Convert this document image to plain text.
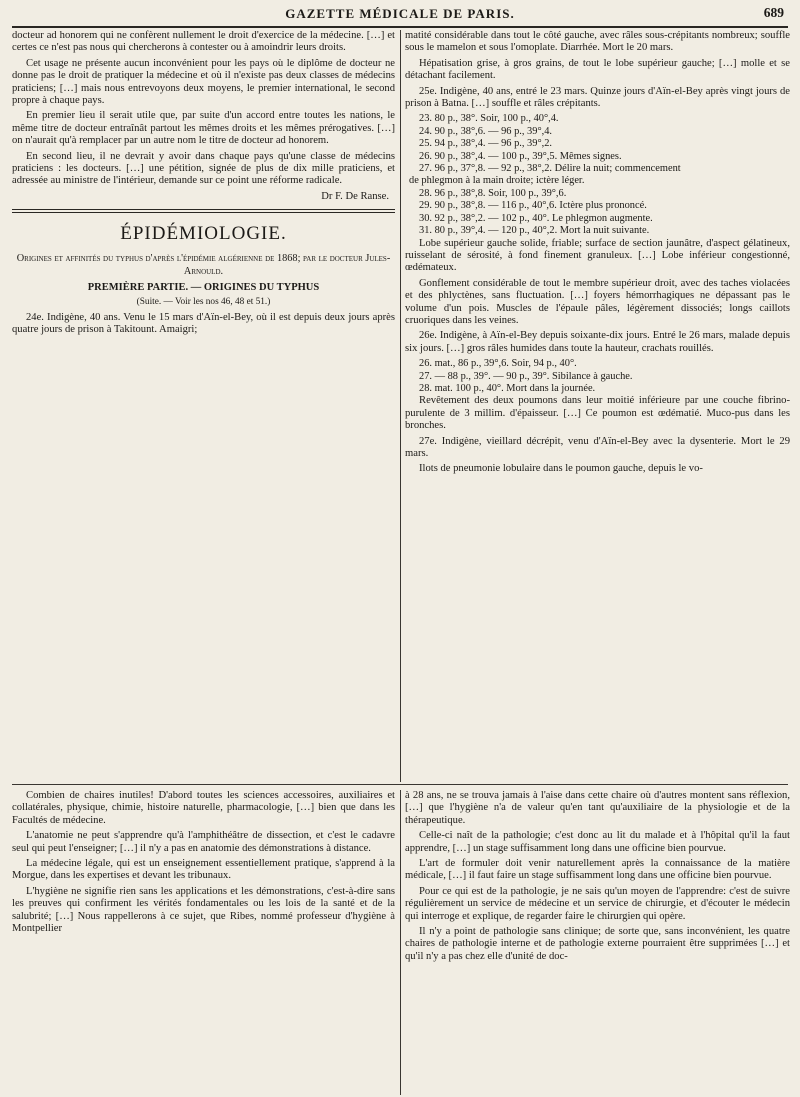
GAZETTE MÉDICALE DE PARIS.	689

docteur ad honorem qui ne confèrent nullement le droit d'exercice de la médecine. […] et certes ce n'est pas nous qui chercherons à contester ou à amoindrir leurs droits.

Cet usage ne présente aucun inconvénient pour les pays où le diplôme de docteur ne donne pas le droit de pratiquer la médecine et où il n'existe pas deux classes de médecins praticiens; […] mais nous entrevoyons deux moyens, le premier international, le second propre à chaque pays.

En premier lieu il serait utile que, par suite d'un accord entre toutes les nations, le même titre de docteur entraînât partout les mêmes droits et les mêmes prérogatives. […] on n'aurait qu'à remplacer par un autre nom le titre de docteur ad honorem.

En second lieu, il ne devrait y avoir dans chaque pays qu'une classe de médecins praticiens : les docteurs. […] une pétition, signée de plus de dix mille praticiens, et adressée au ministre de l'intérieur, demande sur ce point une réforme radicale.

Dr F. De Ranse.
ÉPIDÉMIOLOGIE.
Origines et affinités du typhus d'après l'épidémie algérienne de 1868; par le docteur Jules-Arnould.
PREMIÈRE PARTIE. — ORIGINES DU TYPHUS
(Suite. — Voir les nos 46, 48 et 51.)

24e. Indigène, 40 ans. Venu le 15 mars d'Aïn-el-Bey, où il est depuis deux jours après quatre jours de prison à Takitount. Amaigri;

matité considérable dans tout le côté gauche, avec râles sous-crépitants nombreux; souffle sous le mamelon et sous l'omoplate. Diarrhée. Mort le 20 mars.

Hépatisation grise, à gros grains, de tout le lobe supérieur gauche; […] molle et se détachant facilement.

25e. Indigène, 40 ans, entré le 23 mars. Quinze jours d'Aïn-el-Bey après vingt jours de prison à Batna. […] souffle et râles crépitants.

23. 80 p., 38°. Soir, 100 p., 40°,4.
24. 90 p., 38°,6. — 96 p., 39°,4.
25. 94 p., 38°,4. — 96 p., 39°,2.
26. 90 p., 38°,4. — 100 p., 39°,5. Mêmes signes.
27. 96 p., 37°,8. — 92 p., 38°,2. Délire la nuit; commencement
de phlegmon à la main droite; ictère léger.
28. 96 p., 38°,8. Soir, 100 p., 39°,6.
29. 90 p., 38°,8. — 116 p., 40°,6. Ictère plus prononcé.
30. 92 p., 38°,2. — 102 p., 40°. Le phlegmon augmente.
31. 80 p., 39°,4. — 120 p., 40°,2. Mort la nuit suivante.

Lobe supérieur gauche solide, friable; surface de section jaunâtre, d'aspect gélatineux, ruisselant de sérosité, à fond finement granuleux. […] Lobe inférieur congestionné, œdémateux.

Gonflement considérable de tout le membre supérieur droit, avec des taches violacées et des phlyctènes, sans fluctuation. […] foyers hémorrhagiques ne dépassant pas le volume d'un pois. Muscles de l'épaule pâles, légèrement dissociés; longs caillots cruoriques dans les veines.

26e. Indigène, à Aïn-el-Bey depuis soixante-dix jours. Entré le 26 mars, malade depuis six jours. […] gros râles humides dans toute la hauteur, crachats rouillés.

26. mat., 86 p., 39°,6. Soir, 94 p., 40°.
27. — 88 p., 39°. — 90 p., 39°. Sibilance à gauche.
28. mat. 100 p., 40°. Mort dans la journée.

Revêtement des deux poumons dans leur moitié inférieure par une couche fibrino-purulente de 3 millim. d'épaisseur. […] Ce poumon est œdématié. Muco-pus dans les bronches.

27e. Indigène, vieillard décrépit, venu d'Aïn-el-Bey avec la dysenterie. Mort le 29 mars.

Ilots de pneumonie lobulaire dans le poumon gauche, depuis le vo-

Combien de chaires inutiles! D'abord toutes les sciences accessoires, auxiliaires et collatérales, physique, chimie, histoire naturelle, pharmacologie, […] bien que dans les Facultés de médecine.

L'anatomie ne peut s'apprendre qu'à l'amphithéâtre de dissection, et c'est le cadavre seul qui peut l'enseigner; […] il n'y a pas en anatomie des démonstrations à distance.

La médecine légale, qui est un enseignement essentiellement pratique, s'apprend à la Morgue, dans les expertises et devant les tribunaux.

L'hygiène ne signifie rien sans les applications et les démonstrations, c'est-à-dire sans les preuves qui confirment les vérités fondamentales ou les lois de la santé et de la salubrité; […] Nous rappellerons à ce sujet, que Ribes, nommé professeur d'hygiène à Montpellier

à 28 ans, ne se trouva jamais à l'aise dans cette chaire où d'autres montent sans réflexion, […] que l'hygiène n'a de valeur qu'en tant qu'auxiliaire de la physiologie et de la thérapeutique.

Celle-ci naît de la pathologie; c'est donc au lit du malade et à l'hôpital qu'il la faut apprendre, […] un stage suffisamment long dans une officine bien pourvue.

L'art de formuler doit venir naturellement après la connaissance de la matière médicale, […] il faut faire un stage suffisamment long dans une officine bien pourvue.

Pour ce qui est de la pathologie, je ne sais qu'un moyen de l'apprendre: c'est de suivre régulièrement un service de médecine et un service de chirurgie, et d'écouter le médecin qui interroge et explique, de regarder faire le chirurgien qui opère.

Il n'y a point de pathologie sans clinique; de sorte que, sans inconvénient, les quatre chaires de pathologie interne et de pathologie externe pourraient être supprimées […] et qu'il n'y a pas chez elle d'unité de doc-
